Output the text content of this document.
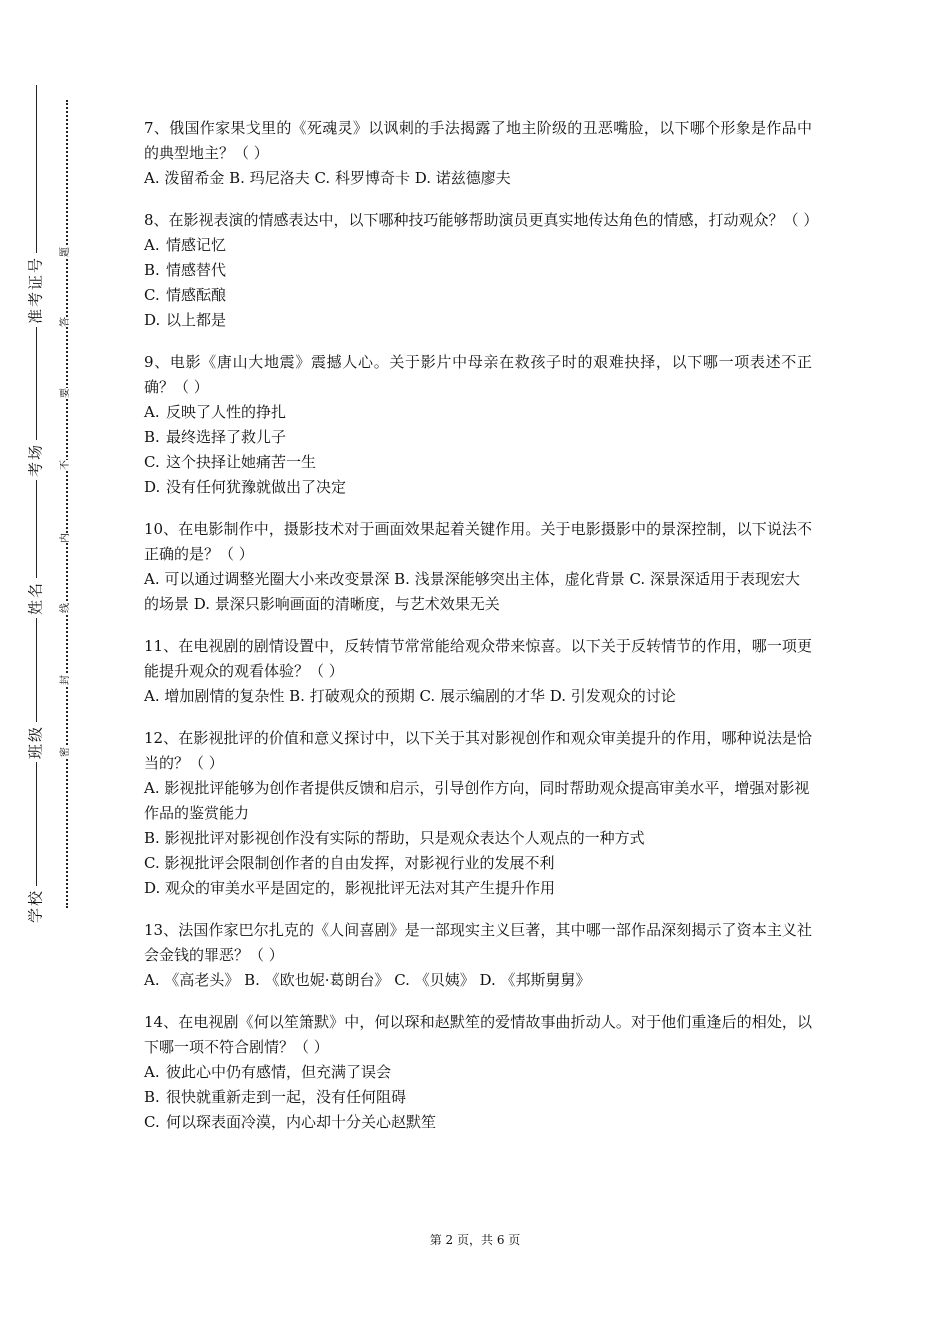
准考证号
考场
姓名
班级
学校
题
答
要
不
内
线
封
密

7、俄国作家果戈里的《死魂灵》以讽刺的手法揭露了地主阶级的丑恶嘴脸，以下哪个形象是作品中的典型地主？（ ）

A. 泼留希金 B. 玛尼洛夫 C. 科罗博奇卡 D. 诺兹德廖夫

8、在影视表演的情感表达中，以下哪种技巧能够帮助演员更真实地传达角色的情感，打动观众？（ ）

A. 情感记忆

B. 情感替代

C. 情感酝酿

D. 以上都是

9、电影《唐山大地震》震撼人心。关于影片中母亲在救孩子时的艰难抉择，以下哪一项表述不正确？（ ）

A. 反映了人性的挣扎

B. 最终选择了救儿子

C. 这个抉择让她痛苦一生

D. 没有任何犹豫就做出了决定

10、在电影制作中，摄影技术对于画面效果起着关键作用。关于电影摄影中的景深控制，以下说法不正确的是？（ ）

A. 可以通过调整光圈大小来改变景深 B. 浅景深能够突出主体，虚化背景 C. 深景深适用于表现宏大的场景 D. 景深只影响画面的清晰度，与艺术效果无关

11、在电视剧的剧情设置中，反转情节常常能给观众带来惊喜。以下关于反转情节的作用，哪一项更能提升观众的观看体验？（ ）

A. 增加剧情的复杂性 B. 打破观众的预期 C. 展示编剧的才华 D. 引发观众的讨论

12、在影视批评的价值和意义探讨中，以下关于其对影视创作和观众审美提升的作用，哪种说法是恰当的？（ ）

A. 影视批评能够为创作者提供反馈和启示，引导创作方向，同时帮助观众提高审美水平，增强对影视作品的鉴赏能力

B. 影视批评对影视创作没有实际的帮助，只是观众表达个人观点的一种方式

C. 影视批评会限制创作者的自由发挥，对影视行业的发展不利

D. 观众的审美水平是固定的，影视批评无法对其产生提升作用

13、法国作家巴尔扎克的《人间喜剧》是一部现实主义巨著，其中哪一部作品深刻揭示了资本主义社会金钱的罪恶？（ ）

A. 《高老头》 B. 《欧也妮·葛朗台》 C. 《贝姨》 D. 《邦斯舅舅》

14、在电视剧《何以笙箫默》中，何以琛和赵默笙的爱情故事曲折动人。对于他们重逢后的相处，以下哪一项不符合剧情？（ ）

A. 彼此心中仍有感情，但充满了误会

B. 很快就重新走到一起，没有任何阻碍

C. 何以琛表面冷漠，内心却十分关心赵默笙

第 2 页，共 6 页
